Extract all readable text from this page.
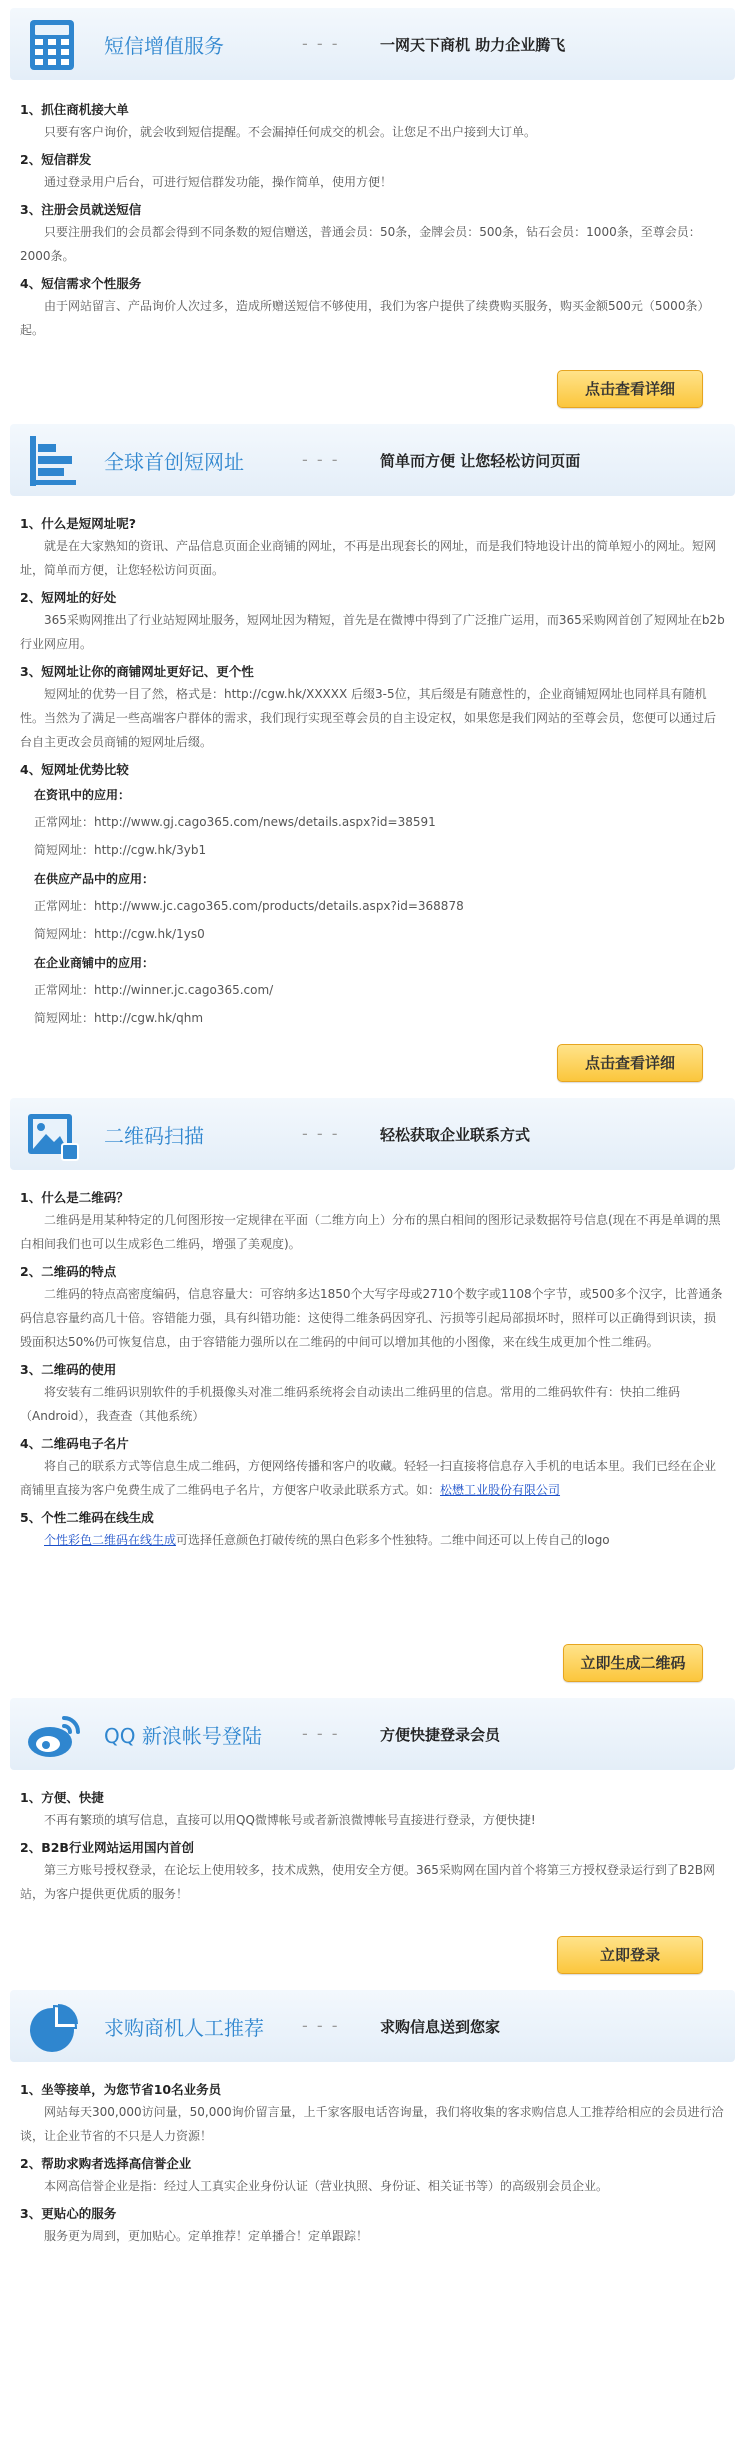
短信增值服务	- - -	一网天下商机 助力企业腾飞
1、抓住商机接大单
只要有客户询价，就会收到短信提醒。不会漏掉任何成交的机会。让您足不出户接到大订单。
2、短信群发
通过登录用户后台，可进行短信群发功能，操作简单，使用方便！
3、注册会员就送短信
只要注册我们的会员都会得到不同条数的短信赠送，普通会员：50条，金牌会员：500条，钻石会员：1000条，至尊会员：2000条。
4、短信需求个性服务
由于网站留言、产品询价人次过多，造成所赠送短信不够使用，我们为客户提供了续费购买服务，购买金额500元（5000条）起。
点击查看详细
全球首创短网址	- - -	简单而方便 让您轻松访问页面
1、什么是短网址呢?
就是在大家熟知的资讯、产品信息页面企业商铺的网址，不再是出现套长的网址，而是我们特地设计出的简单短小的网址。短网址，简单而方便，让您轻松访问页面。
2、短网址的好处
365采购网推出了行业站短网址服务，短网址因为精短，首先是在微博中得到了广泛推广运用，而365采购网首创了短网址在b2b行业网应用。
3、短网址让你的商铺网址更好记、更个性
短网址的优势一目了然，格式是：http://cgw.hk/XXXXX 后缀3-5位，其后缀是有随意性的，企业商铺短网址也同样具有随机性。当然为了满足一些高端客户群体的需求，我们现行实现至尊会员的自主设定权，如果您是我们网站的至尊会员，您便可以通过后台自主更改会员商铺的短网址后缀。
4、短网址优势比较
在资讯中的应用：
正常网址：http://www.gj.cago365.com/news/details.aspx?id=38591
简短网址：http://cgw.hk/3yb1
在供应产品中的应用：
正常网址：http://www.jc.cago365.com/products/details.aspx?id=368878
简短网址：http://cgw.hk/1ys0
在企业商铺中的应用：
正常网址：http://winner.jc.cago365.com/
简短网址：http://cgw.hk/qhm
点击查看详细
二维码扫描	- - -	轻松获取企业联系方式
1、什么是二维码？
二维码是用某种特定的几何图形按一定规律在平面（二维方向上）分布的黑白相间的图形记录数据符号信息(现在不再是单调的黑白相间我们也可以生成彩色二维码，增强了美观度)。
2、二维码的特点
二维码的特点高密度编码，信息容量大：可容纳多达1850个大写字母或2710个数字或1108个字节，或500多个汉字，比普通条码信息容量约高几十倍。容错能力强，具有纠错功能：这使得二维条码因穿孔、污损等引起局部损坏时，照样可以正确得到识读，损毁面积达50%仍可恢复信息，由于容错能力强所以在二维码的中间可以增加其他的小图像，来在线生成更加个性二维码。
3、二维码的使用
将安装有二维码识别软件的手机摄像头对准二维码系统将会自动读出二维码里的信息。常用的二维码软件有：快拍二维码（Android），我查查（其他系统）
4、二维码电子名片
将自己的联系方式等信息生成二维码，方便网络传播和客户的收藏。轻轻一扫直接将信息存入手机的电话本里。我们已经在企业商铺里直接为客户免费生成了二维码电子名片，方便客户收录此联系方式。如：松懋工业股份有限公司
5、个性二维码在线生成
个性彩色二维码在线生成可选择任意颜色打破传统的黑白色彩多个性独特。二维中间还可以上传自己的logo
立即生成二维码
QQ 新浪帐号登陆	- - -	方便快捷登录会员
1、方便、快捷
不再有繁琐的填写信息，直接可以用QQ微博帐号或者新浪微博帐号直接进行登录，方便快捷!
2、B2B行业网站运用国内首创
第三方账号授权登录，在论坛上使用较多，技术成熟，使用安全方便。365采购网在国内首个将第三方授权登录运行到了B2B网站，为客户提供更优质的服务！
立即登录
求购商机人工推荐 - - -	求购信息送到您家
1、坐等接单，为您节省10名业务员
网站每天300,000访问量，50,000询价留言量，上千家客服电话咨询量，我们将收集的客求购信息人工推荐给相应的会员进行洽谈，让企业节省的不只是人力资源！
2、帮助求购者选择高信誉企业
本网高信誉企业是指：经过人工真实企业身份认证（营业执照、身份证、相关证书等）的高级别会员企业。
3、更贴心的服务
服务更为周到，更加贴心。定单推荐！定单播合！定单跟踪！
